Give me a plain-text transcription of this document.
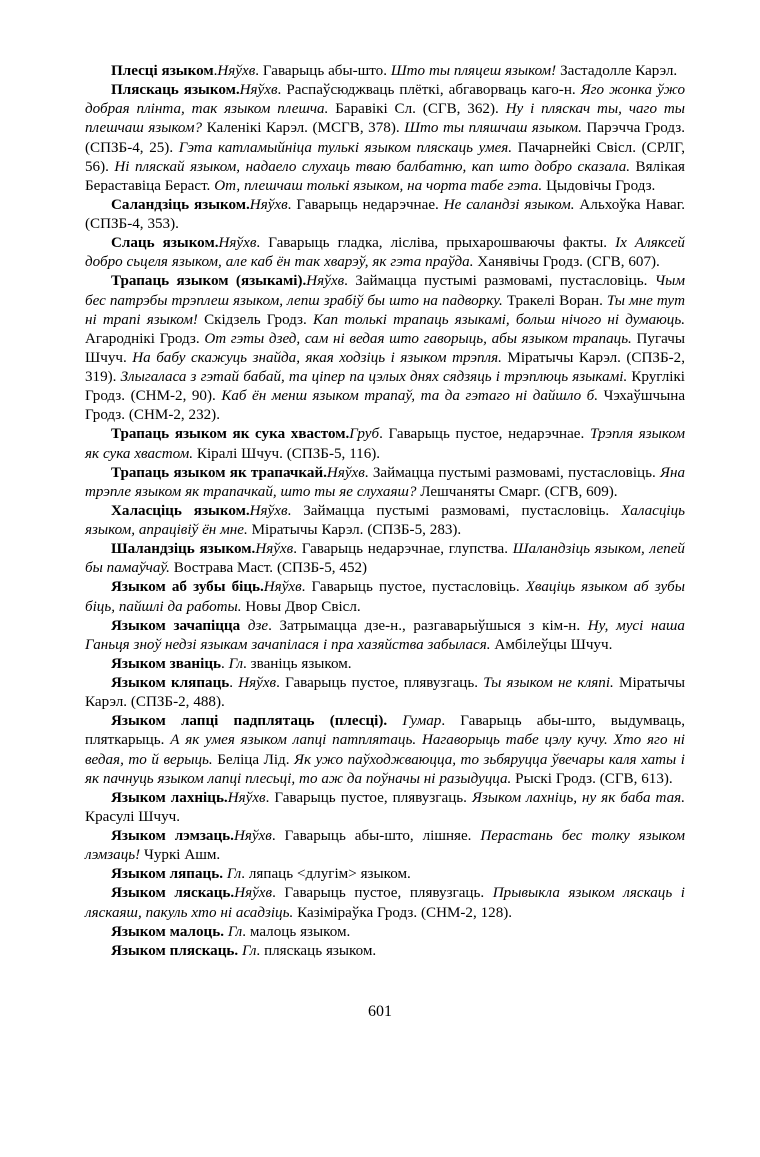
Плесці языком.Няўхв. Гаварыць абы-што. Што ты пляцеш языком! Застадолле Карэл.

Пляскаць языком.Няўхв. Распаўсюджваць плёткі, абгаворваць каго-н. Яго жонка ўжо добрая плінта, так языком плешча. Баравікі Сл. (СГВ, 362). Ну і пляскач ты, чаго ты плешчаш языком? Каленікі Карэл. (МСГВ, 378). Што ты пляшчаш языком. Парэчча Гродз. (СПЗБ-4, 25). Гэта катламыйніца тулькі языком пляскаць умея. Пачарнейкі Свісл. (СРЛГ, 56). Ні пляскай языком, надаело слухаць тваю балбатню, кап што добро сказала. Вялікая Бераставіца Бераст. От, плешчаш толькі языком, на чорта табе гэта. Цыдовічы Гродз.

Саландзіць языком.Няўхв. Гаварыць недарэчнае. Не саландзі языком. Альхоўка Наваг. (СПЗБ-4, 353).

Слаць языком.Няўхв. Гаварыць гладка, лісліва, прыхарошваючы факты. Іх Аляксей добро сьцеля языком, але каб ён так хварэў, як гэта праўда. Ханявічы Гродз. (СГВ, 607).

Трапаць языком (языкамі).Няўхв. Займацца пустымі размовамі, пустасловіць. Чым бес патрэбы трэплеш языком, лепш зрабіў бы што на падворку. Тракелі Воран. Ты мне тут ні трапі языком! Скідзель Гродз. Кап толькі трапаць языкамі, больш нічого ні думаюць. Агароднікі Гродз. От гэты дзед, сам ні ведая што гаворыць, абы языком трапаць. Пугачы Шчуч. На бабу скажуць знайда, якая ходзіць і языком трэпля. Міратычы Карэл. (СПЗБ-2, 319). Злыгаласа з гэтай бабай, та ціпер па цэлых днях сядзяць і трэплюць языкамі. Круглікі Гродз. (СНМ-2, 90). Каб ён менш языком трапаў, та да гэтаго ні дайшло б. Чэхаўшчына Гродз. (СНМ-2, 232).

Трапаць языком як сука хвастом.Груб. Гаварыць пустое, недарэчнае. Трэпля языком як сука хвастом. Кіралі Шчуч. (СПЗБ-5, 116).

Трапаць языком як трапачкай.Няўхв. Займацца пустымі размовамі, пустасловіць. Яна трэпле языком як трапачкай, што ты яе слухаяш? Лешчаняты Смарг. (СГВ, 609).

Халасціць языком.Няўхв. Займацца пустымі размовамі, пустасловіць. Халасціць языком, апрацівіў ён мне. Міратычы Карэл. (СПЗБ-5, 283).

Шаландзіць языком.Няўхв. Гаварыць недарэчнае, глупства. Шаландзіць языком, лепей бы памаўчаў. Вострава Маст. (СПЗБ-5, 452)

Языком аб зубы біць.Няўхв. Гаварыць пустое, пустасловіць. Хваціць языком аб зубы біць, пайшлі да работы. Новы Двор Свісл.

Языком зачапіцца дзе. Затрымацца дзе-н., разгаварыўшыся з кім-н. Ну, мусі наша Ганьця зноў недзі языкам зачапілася і пра хазяйства забылася. Амбілеўцы Шчуч.

Языком званіць. Гл. званіць языком.

Языком кляпаць. Няўхв. Гаварыць пустое, плявузгаць. Ты языком не кляпі. Міратычы Карэл. (СПЗБ-2, 488).

Языком лапці падплятаць (плесці). Гумар. Гаварыць абы-што, выдумваць, пляткарыць. А як умея языком лапці патплятаць. Нагаворыць табе цэлу кучу. Хто яго ні ведая, то й верыць. Беліца Лід. Як ужо паўходжваюцца, то зьбяруцца ўвечары каля хаты і як пачнуць языком лапці плесьці, то аж да поўначы ні разыдуцца. Рыскі Гродз. (СГВ, 613).

Языком лахніць.Няўхв. Гаварыць пустое, плявузгаць. Языком лахніць, ну як баба тая. Красулі Шчуч.

Языком лэмзаць.Няўхв. Гаварыць абы-што, лішняе. Перастань бес толку языком лэмзаць! Чуркі Ашм.

Языком ляпаць. Гл. ляпаць <длугім> языком.

Языком ляскаць.Няўхв. Гаварыць пустое, плявузгаць. Прывыкла языком ляскаць і ляскаяш, пакуль хто ні асадзіць. Казіміраўка Гродз. (СНМ-2, 128).

Языком малоць. Гл. малоць языком.

Языком пляскаць. Гл. пляскаць языком.

601
